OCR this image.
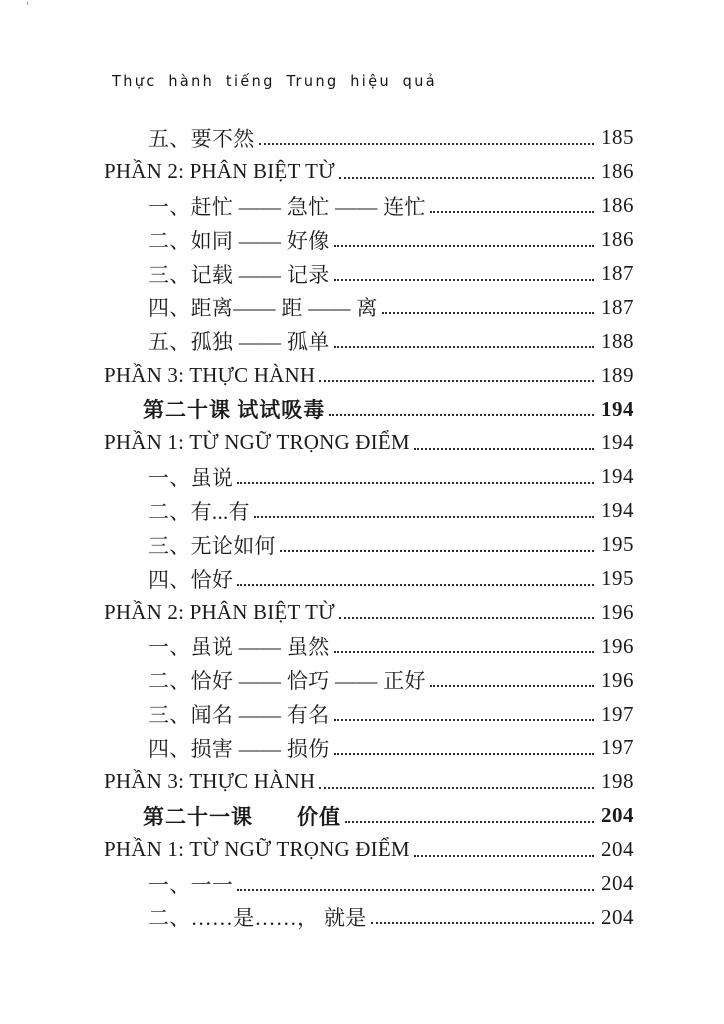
'
Thực hành tiếng Trung hiệu quả
五、要不然	185
PHẦN 2: PHÂN BIỆT TỪ	186
一、赶忙 —— 急忙 —— 连忙	186
二、如同 —— 好像	186
三、记载 —— 记录	187
四、距离—— 距 —— 离	187
五、孤独 —— 孤单	188
PHẦN 3: THỰC HÀNH	189
第二十课 试试吸毒	194
PHẦN 1: TỪ NGỮ TRỌNG ĐIỂM	194
一、虽说	194
二、有...有	194
三、无论如何	195
四、恰好	195
PHẦN 2: PHÂN BIỆT TỪ	196
一、虽说 —— 虽然	196
二、恰好 —— 恰巧 —— 正好	196
三、闻名 —— 有名	197
四、损害 —— 损伤	197
PHẦN 3: THỰC HÀNH	198
第二十一课　　价值	204
PHẦN 1: TỪ NGỮ TRỌNG ĐIỂM	204
一、一一	204
二、……是……， 就是	204
